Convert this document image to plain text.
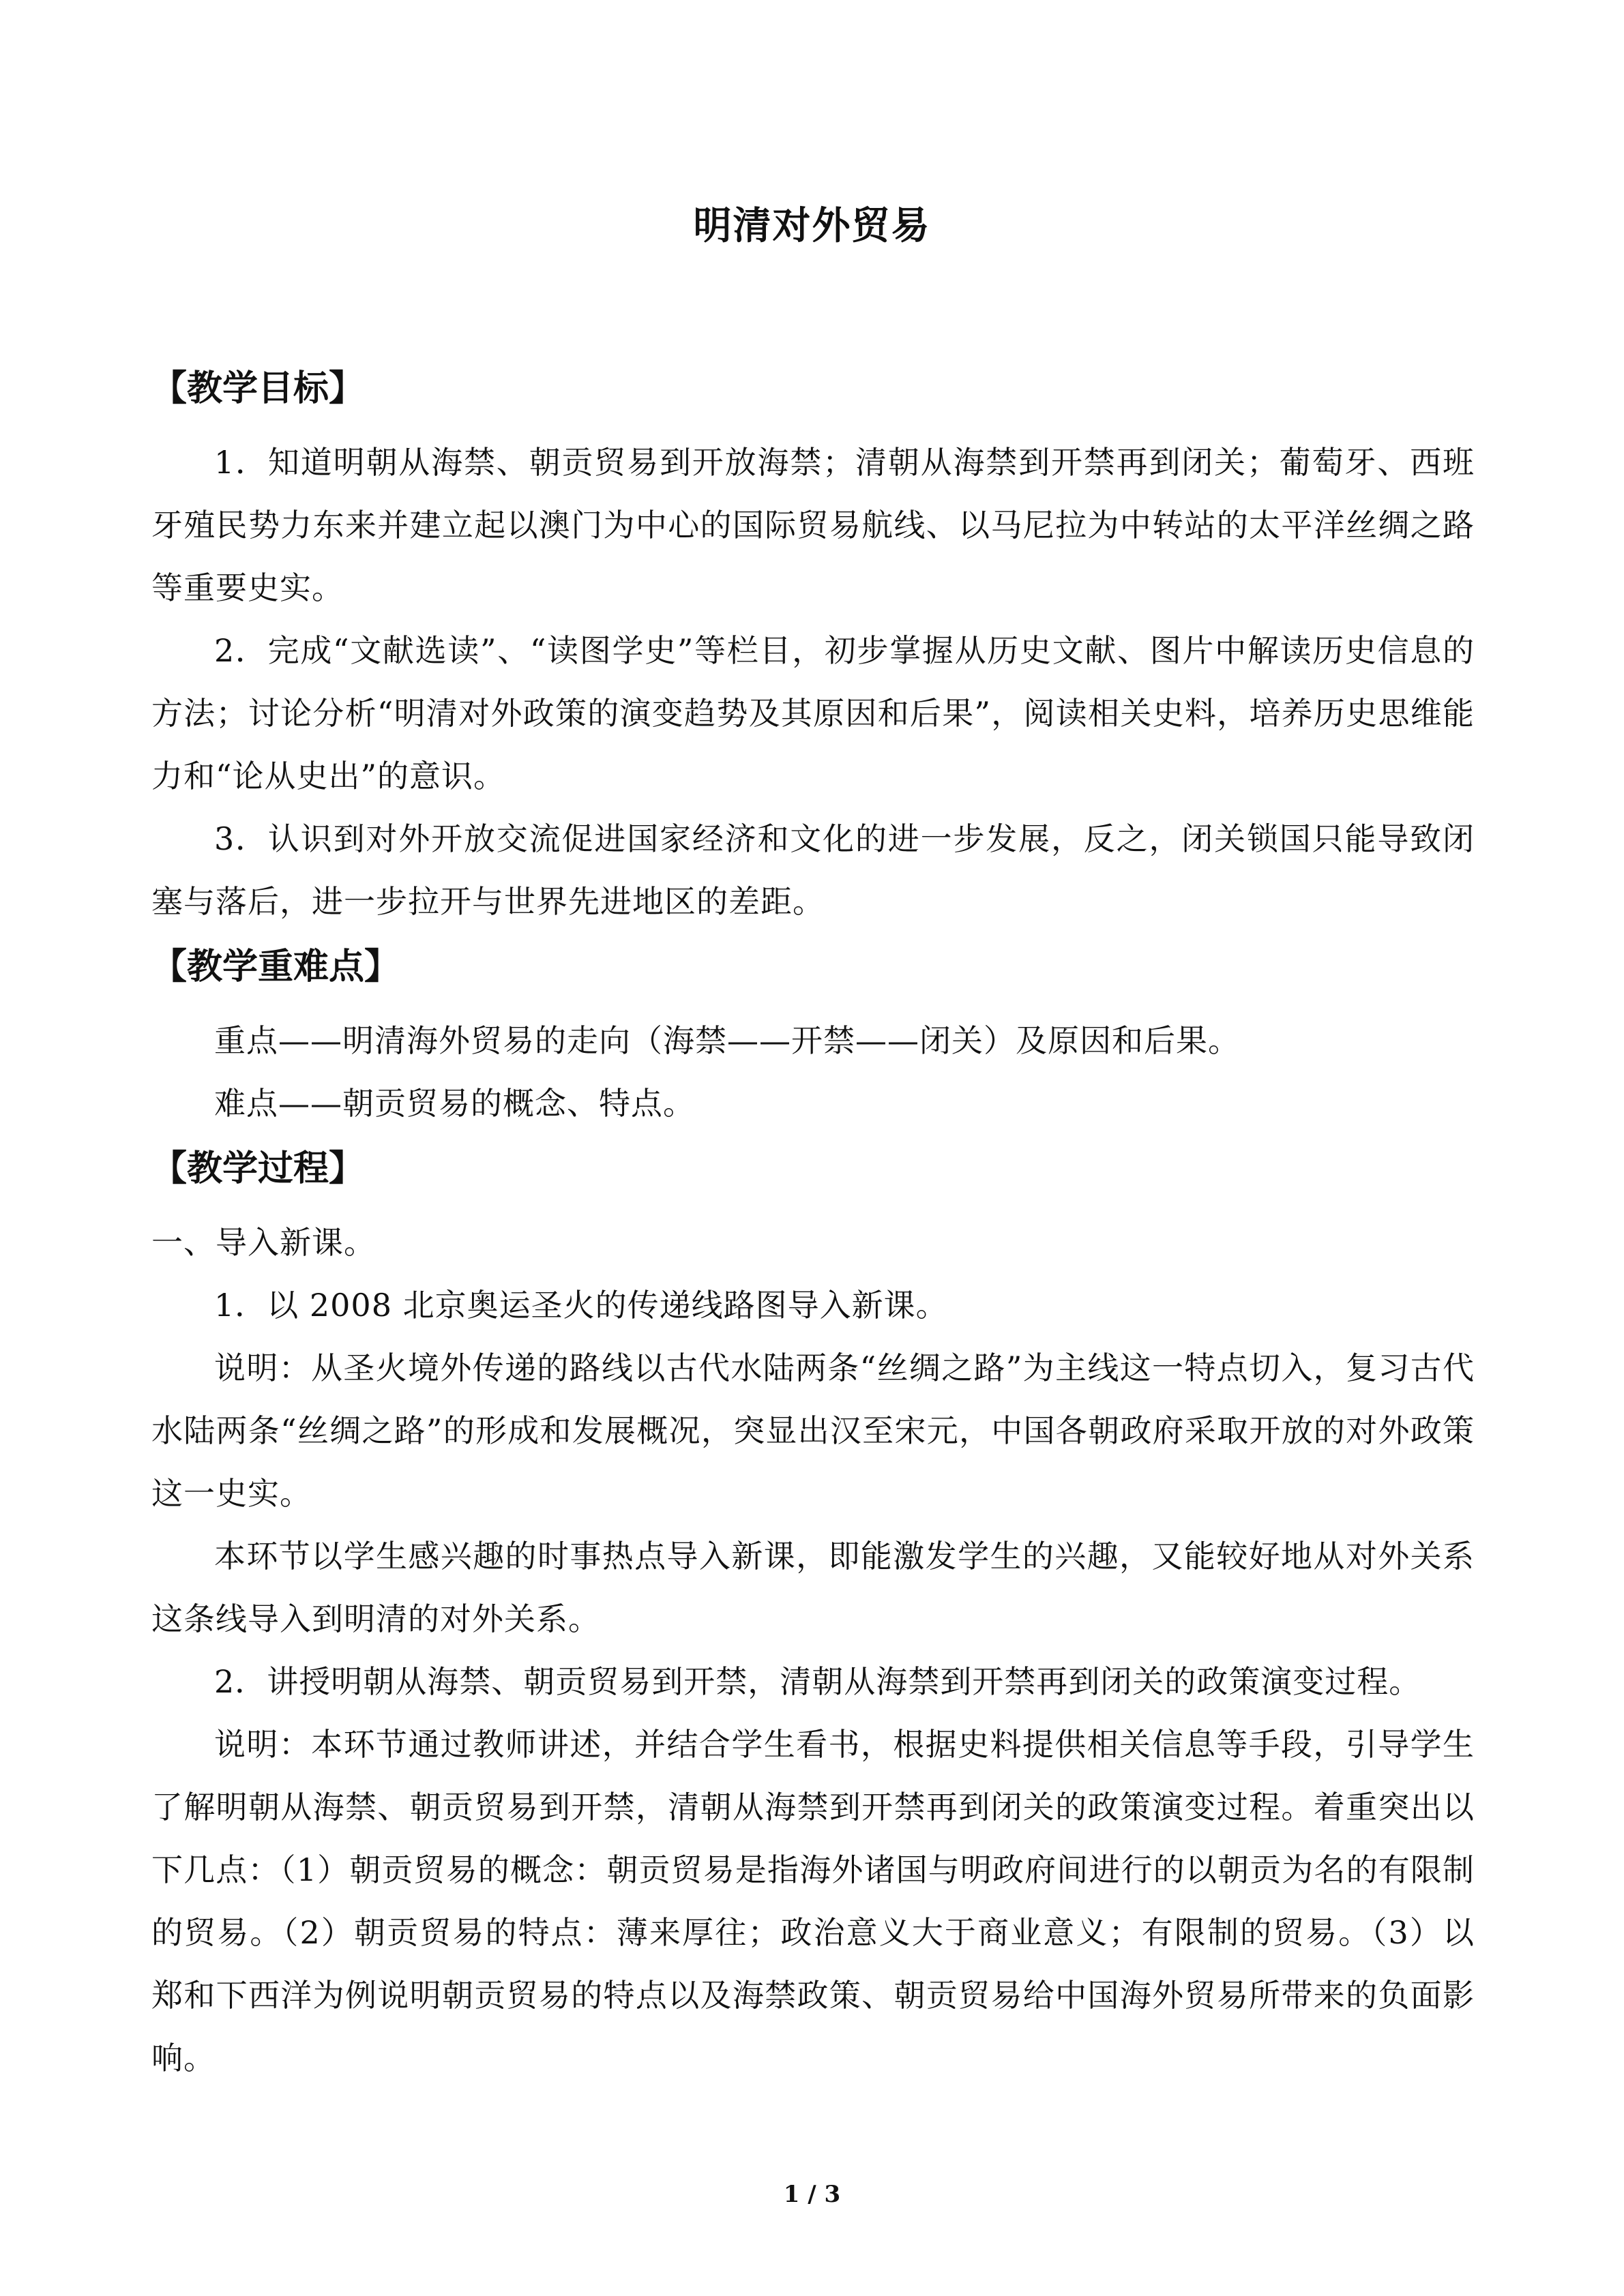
明清对外贸易

【教学目标】

1．知道明朝从海禁、朝贡贸易到开放海禁；清朝从海禁到开禁再到闭关；葡萄牙、西班牙殖民势力东来并建立起以澳门为中心的国际贸易航线、以马尼拉为中转站的太平洋丝绸之路等重要史实。

2．完成“文献选读”、“读图学史”等栏目，初步掌握从历史文献、图片中解读历史信息的方法；讨论分析“明清对外政策的演变趋势及其原因和后果”，阅读相关史料，培养历史思维能力和“论从史出”的意识。

3．认识到对外开放交流促进国家经济和文化的进一步发展，反之，闭关锁国只能导致闭塞与落后，进一步拉开与世界先进地区的差距。

【教学重难点】

重点——明清海外贸易的走向（海禁——开禁——闭关）及原因和后果。

难点——朝贡贸易的概念、特点。

【教学过程】

一、导入新课。

1．以 2008 北京奥运圣火的传递线路图导入新课。

说明：从圣火境外传递的路线以古代水陆两条“丝绸之路”为主线这一特点切入，复习古代水陆两条“丝绸之路”的形成和发展概况，突显出汉至宋元，中国各朝政府采取开放的对外政策这一史实。

本环节以学生感兴趣的时事热点导入新课，即能激发学生的兴趣，又能较好地从对外关系这条线导入到明清的对外关系。

2．讲授明朝从海禁、朝贡贸易到开禁，清朝从海禁到开禁再到闭关的政策演变过程。

说明：本环节通过教师讲述，并结合学生看书，根据史料提供相关信息等手段，引导学生了解明朝从海禁、朝贡贸易到开禁，清朝从海禁到开禁再到闭关的政策演变过程。着重突出以下几点：（1）朝贡贸易的概念：朝贡贸易是指海外诸国与明政府间进行的以朝贡为名的有限制的贸易。（2）朝贡贸易的特点：薄来厚往；政治意义大于商业意义；有限制的贸易。（3）以郑和下西洋为例说明朝贡贸易的特点以及海禁政策、朝贡贸易给中国海外贸易所带来的负面影响。

1 / 3
